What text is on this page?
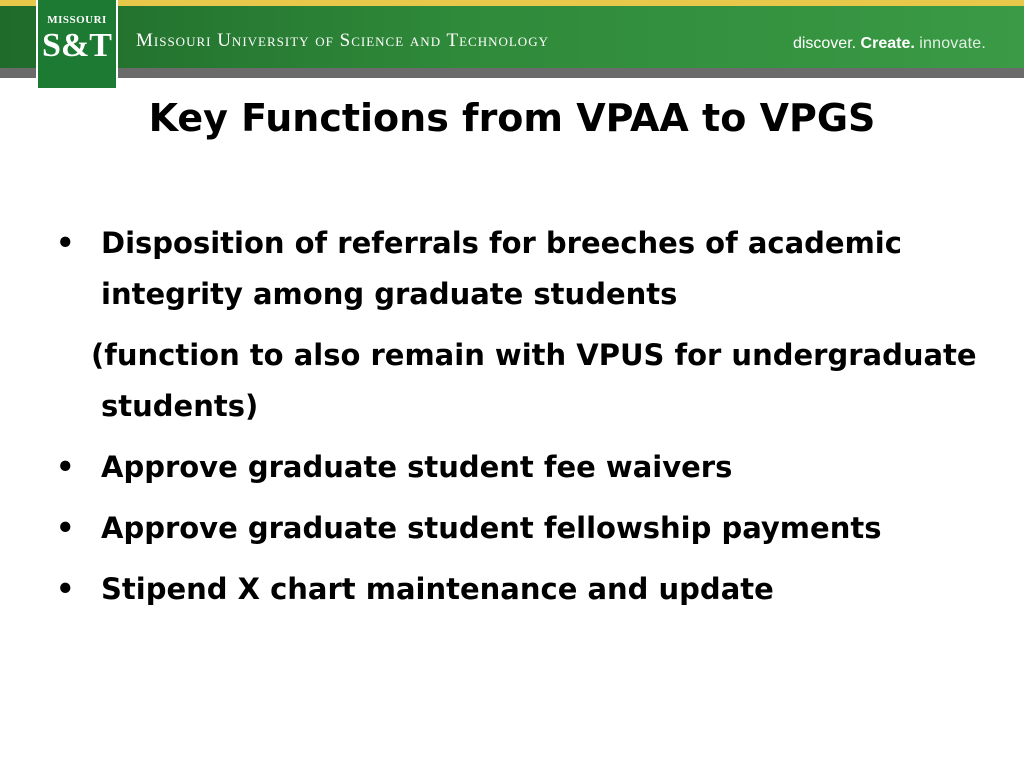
MISSOURI
S&T Missouri University of Science and Technology	discover. Create. innovate.
Key Functions from VPAA to VPGS
• Disposition of referrals for breeches of academic integrity among graduate students
(function to also remain with VPUS for undergraduate students)
• Approve graduate student fee waivers
• Approve graduate student fellowship payments
• Stipend X chart maintenance and update
